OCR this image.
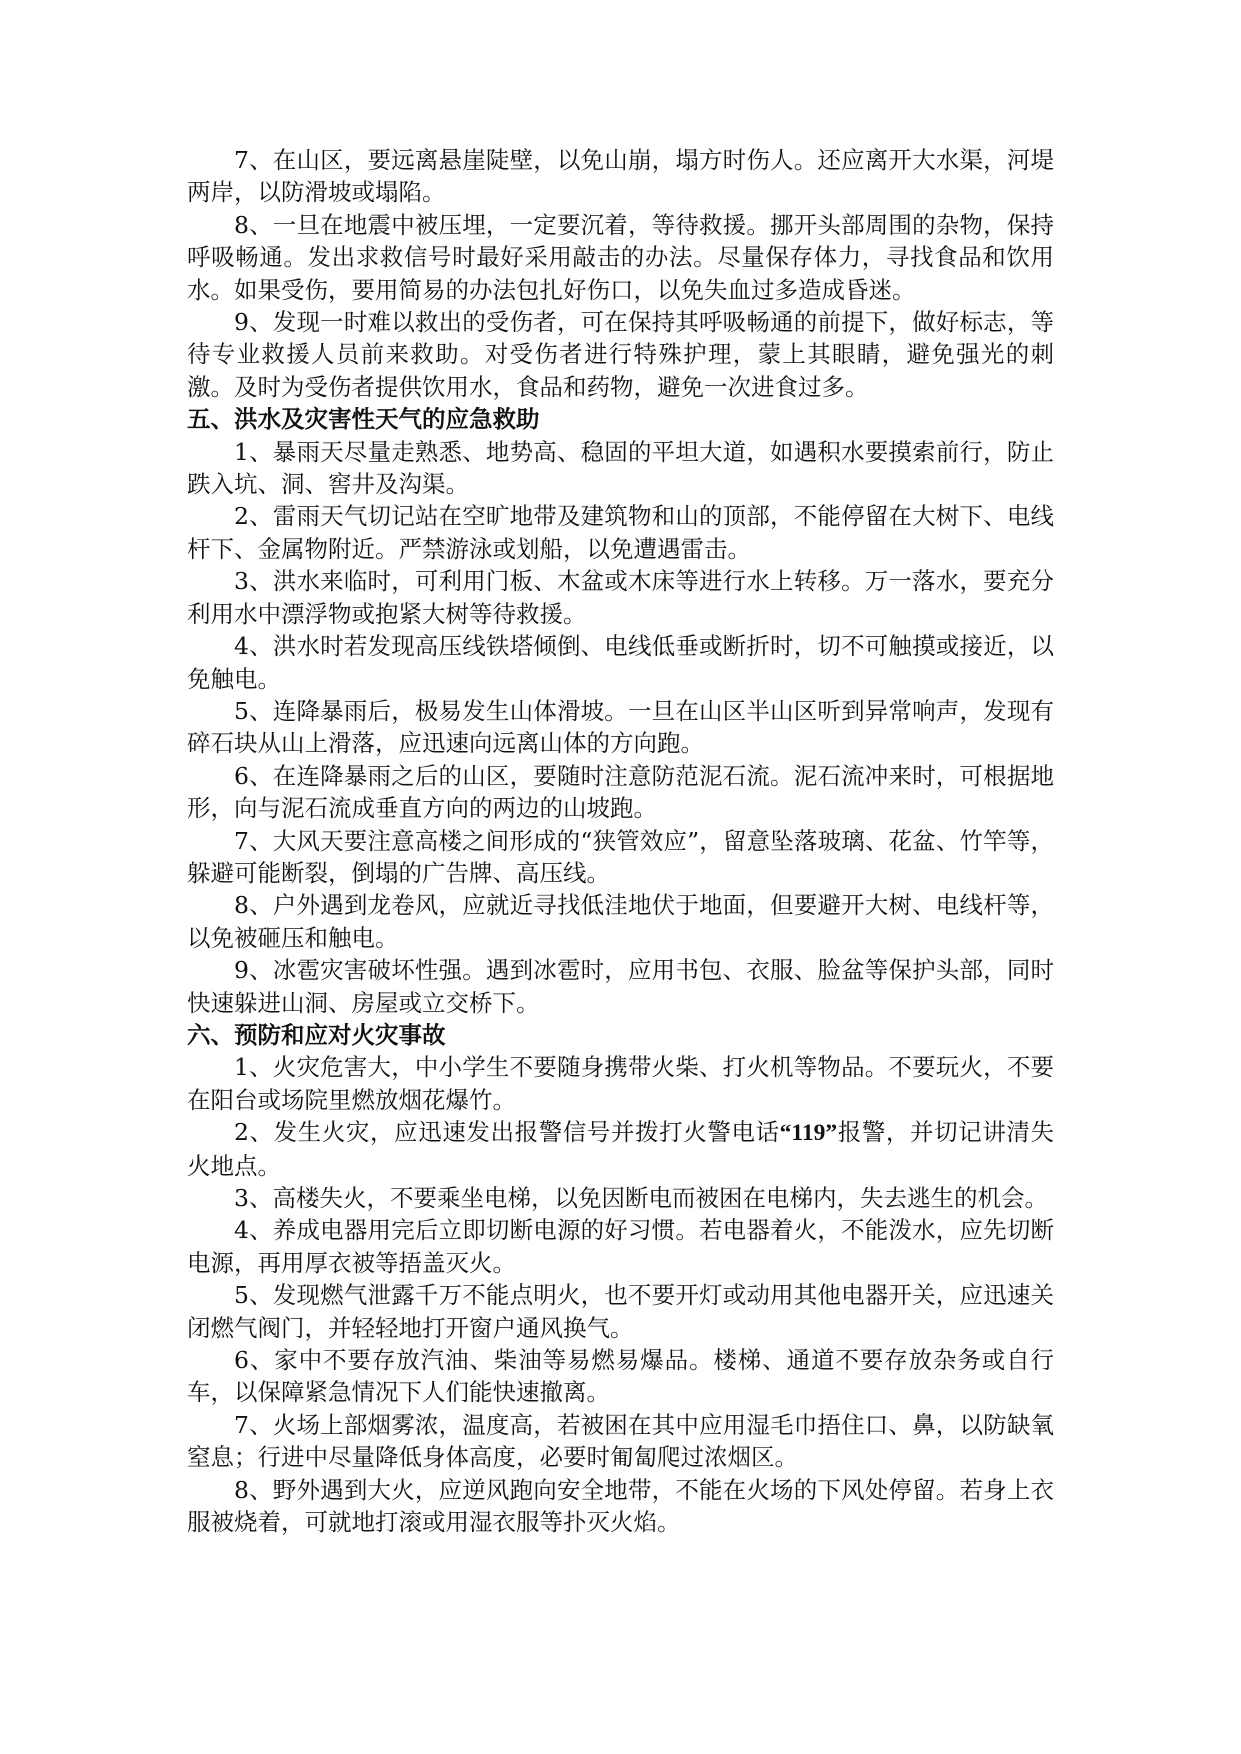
7、在山区，要远离悬崖陡壁，以免山崩，塌方时伤人。还应离开大水渠，河堤两岸，以防滑坡或塌陷。

8、一旦在地震中被压埋，一定要沉着，等待救援。挪开头部周围的杂物，保持呼吸畅通。发出求救信号时最好采用敲击的办法。尽量保存体力，寻找食品和饮用水。如果受伤，要用简易的办法包扎好伤口，以免失血过多造成昏迷。

9、发现一时难以救出的受伤者，可在保持其呼吸畅通的前提下，做好标志，等待专业救援人员前来救助。对受伤者进行特殊护理，蒙上其眼睛，避免强光的刺激。及时为受伤者提供饮用水，食品和药物，避免一次进食过多。

五、洪水及灾害性天气的应急救助

1、暴雨天尽量走熟悉、地势高、稳固的平坦大道，如遇积水要摸索前行，防止跌入坑、洞、窖井及沟渠。

2、雷雨天气切记站在空旷地带及建筑物和山的顶部，不能停留在大树下、电线杆下、金属物附近。严禁游泳或划船，以免遭遇雷击。

3、洪水来临时，可利用门板、木盆或木床等进行水上转移。万一落水，要充分利用水中漂浮物或抱紧大树等待救援。

4、洪水时若发现高压线铁塔倾倒、电线低垂或断折时，切不可触摸或接近，以免触电。

5、连降暴雨后，极易发生山体滑坡。一旦在山区半山区听到异常响声，发现有碎石块从山上滑落，应迅速向远离山体的方向跑。

6、在连降暴雨之后的山区，要随时注意防范泥石流。泥石流冲来时，可根据地形，向与泥石流成垂直方向的两边的山坡跑。

7、大风天要注意高楼之间形成的“狭管效应”，留意坠落玻璃、花盆、竹竿等，躲避可能断裂，倒塌的广告牌、高压线。

8、户外遇到龙卷风，应就近寻找低洼地伏于地面，但要避开大树、电线杆等，以免被砸压和触电。

9、冰雹灾害破坏性强。遇到冰雹时，应用书包、衣服、脸盆等保护头部，同时快速躲进山洞、房屋或立交桥下。

六、预防和应对火灾事故

1、火灾危害大，中小学生不要随身携带火柴、打火机等物品。不要玩火，不要在阳台或场院里燃放烟花爆竹。

2、发生火灾，应迅速发出报警信号并拨打火警电话“119”报警，并切记讲清失火地点。

3、高楼失火，不要乘坐电梯，以免因断电而被困在电梯内，失去逃生的机会。

4、养成电器用完后立即切断电源的好习惯。若电器着火，不能泼水，应先切断电源，再用厚衣被等捂盖灭火。

5、发现燃气泄露千万不能点明火，也不要开灯或动用其他电器开关，应迅速关闭燃气阀门，并轻轻地打开窗户通风换气。

6、家中不要存放汽油、柴油等易燃易爆品。楼梯、通道不要存放杂务或自行车，以保障紧急情况下人们能快速撤离。

7、火场上部烟雾浓，温度高，若被困在其中应用湿毛巾捂住口、鼻，以防缺氧窒息；行进中尽量降低身体高度，必要时匍匐爬过浓烟区。

8、野外遇到大火，应逆风跑向安全地带，不能在火场的下风处停留。若身上衣服被烧着，可就地打滚或用湿衣服等扑灭火焰。
